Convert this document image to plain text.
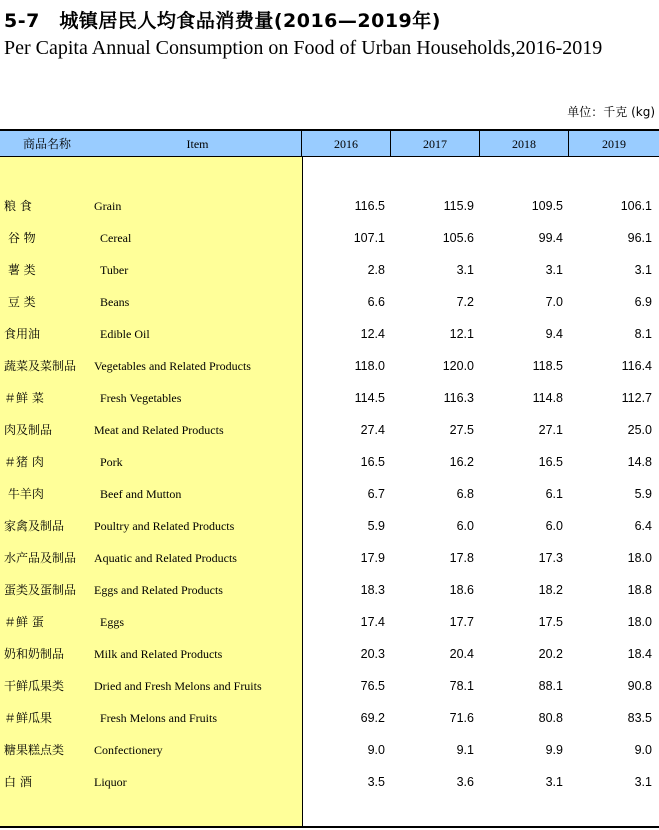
5-7　城镇居民人均食品消费量(2016—2019年)
Per Capita Annual Consumption on Food of Urban Households,2016-2019
单位：千克 (kg)
商品名称	Item	2016	2017	2018	2019
粮 食	Grain	116.5	115.9	109.5	106.1
谷 物	Cereal	107.1	105.6	99.4	96.1
薯 类	Tuber	2.8	3.1	3.1	3.1
豆 类	Beans	6.6	7.2	7.0	6.9
食用油	Edible Oil	12.4	12.1	9.4	8.1
蔬菜及菜制品 Vegetables and Related Products	118.0	120.0	118.5	116.4
＃鲜 菜	Fresh Vegetables	114.5	116.3	114.8	112.7
肉及制品	Meat and Related Products	27.4	27.5	27.1	25.0
＃猪 肉	Pork	16.5	16.2	16.5	14.8
牛羊肉	Beef and Mutton	6.7	6.8	6.1	5.9
家禽及制品 Poultry and Related Products	5.9	6.0	6.0	6.4
水产品及制品 Aquatic and Related Products	17.9	17.8	17.3	18.0
蛋类及蛋制品 Eggs and Related Products	18.3	18.6	18.2	18.8
＃鲜 蛋	Eggs	17.4	17.7	17.5	18.0
奶和奶制品 Milk and Related Products	20.3	20.4	20.2	18.4
干鲜瓜果类 Dried and Fresh Melons and Fruits	76.5	78.1	88.1	90.8
＃鲜瓜果	Fresh Melons and Fruits	69.2	71.6	80.8	83.5
糖果糕点类 Confectionery	9.0	9.1	9.9	9.0
白 酒	Liquor	3.5	3.6	3.1	3.1
